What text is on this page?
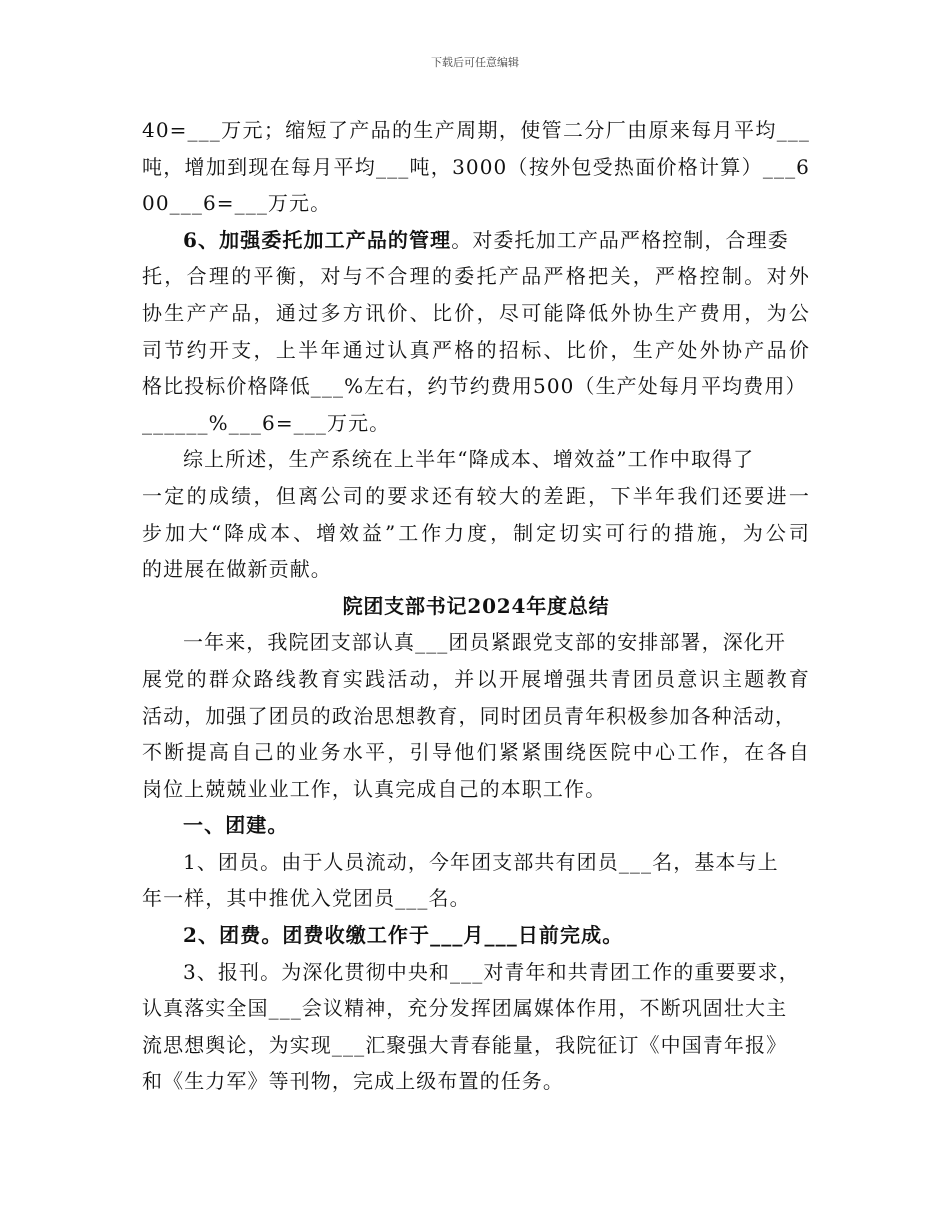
下载后可任意编辑
40=___万元；缩短了产品的生产周期，使管二分厂由原来每月平均___
吨，增加到现在每月平均___吨，3000（按外包受热面价格计算）___6
00___6=___万元。
6、加强委托加工产品的管理。对委托加工产品严格控制，合理委
托，合理的平衡，对与不合理的委托产品严格把关，严格控制。对外
协生产产品，通过多方讯价、比价，尽可能降低外协生产费用，为公
司节约开支，上半年通过认真严格的招标、比价，生产处外协产品价
格比投标价格降低___%左右，约节约费用500（生产处每月平均费用）
______%___6=___万元。
综上所述，生产系统在上半年“降成本、增效益”工作中取得了
一定的成绩，但离公司的要求还有较大的差距，下半年我们还要进一
步加大“降成本、增效益”工作力度，制定切实可行的措施，为公司
的进展在做新贡献。
院团支部书记2024年度总结
一年来，我院团支部认真___团员紧跟党支部的安排部署，深化开
展党的群众路线教育实践活动，并以开展增强共青团员意识主题教育
活动，加强了团员的政治思想教育，同时团员青年积极参加各种活动，
不断提高自己的业务水平，引导他们紧紧围绕医院中心工作，在各自
岗位上兢兢业业工作，认真完成自己的本职工作。
一、团建。
1、团员。由于人员流动，今年团支部共有团员___名，基本与上
年一样，其中推优入党团员___名。
2、团费。团费收缴工作于___月___日前完成。
3、报刊。为深化贯彻中央和___对青年和共青团工作的重要要求，
认真落实全国___会议精神，充分发挥团属媒体作用，不断巩固壮大主
流思想舆论，为实现___汇聚强大青春能量，我院征订《中国青年报》
和《生力军》等刊物，完成上级布置的任务。
